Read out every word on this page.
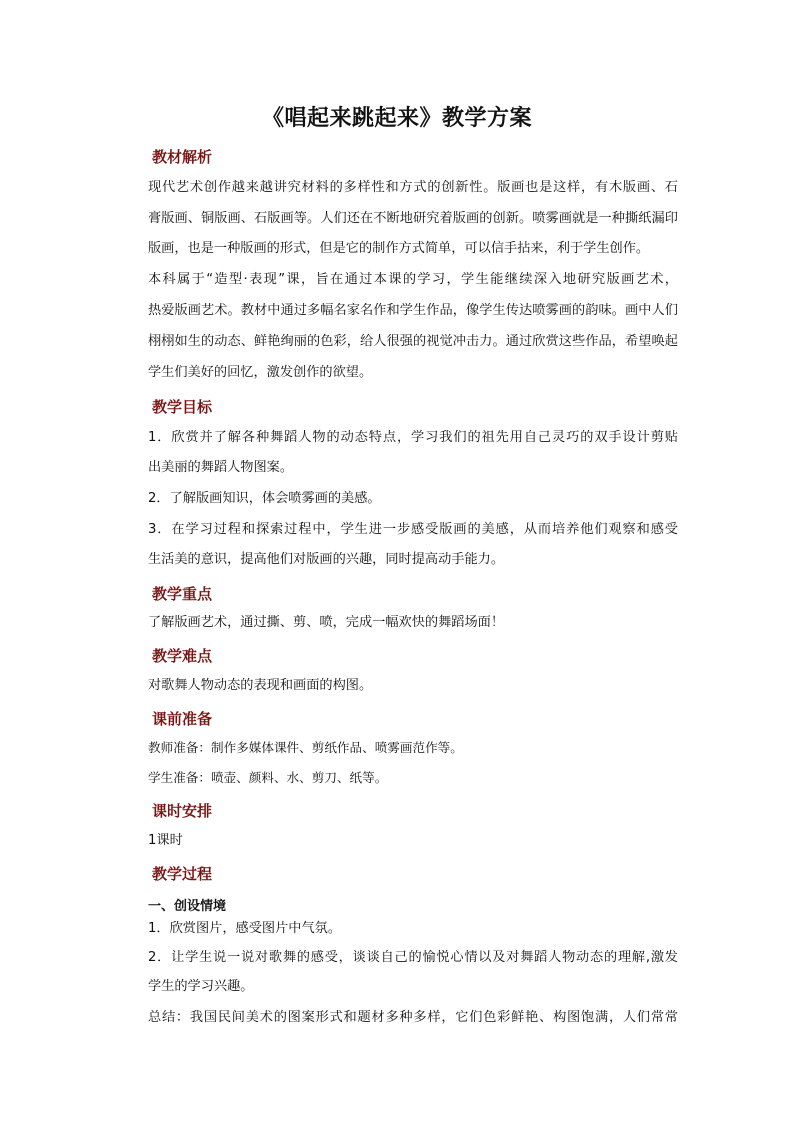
《唱起来跳起来》教学方案
教材解析
现代艺术创作越来越讲究材料的多样性和方式的创新性。版画也是这样，有木版画、石
膏版画、铜版画、石版画等。人们还在不断地研究着版画的创新。喷雾画就是一种撕纸漏印
版画，也是一种版画的形式，但是它的制作方式简单，可以信手拈来，利于学生创作。
本科属于“造型·表现”课，旨在通过本课的学习，学生能继续深入地研究版画艺术，
热爱版画艺术。教材中通过多幅名家名作和学生作品，像学生传达喷雾画的韵味。画中人们
栩栩如生的动态、鲜艳绚丽的色彩，给人很强的视觉冲击力。通过欣赏这些作品，希望唤起
学生们美好的回忆，激发创作的欲望。
教学目标
1．欣赏并了解各种舞蹈人物的动态特点，学习我们的祖先用自己灵巧的双手设计剪贴
出美丽的舞蹈人物图案。
2．了解版画知识，体会喷雾画的美感。
3．在学习过程和探索过程中，学生进一步感受版画的美感，从而培养他们观察和感受
生活美的意识，提高他们对版画的兴趣，同时提高动手能力。
教学重点
了解版画艺术，通过撕、剪、喷，完成一幅欢快的舞蹈场面！
教学难点
对歌舞人物动态的表现和画面的构图。
课前准备
教师准备：制作多媒体课件、剪纸作品、喷雾画范作等。
学生准备：喷壶、颜料、水、剪刀、纸等。
课时安排
1课时
教学过程
一、创设情境
1．欣赏图片，感受图片中气氛。
2．让学生说一说对歌舞的感受，谈谈自己的愉悦心情以及对舞蹈人物动态的理解,激发
学生的学习兴趣。
总结：我国民间美术的图案形式和题材多种多样，它们色彩鲜艳、构图饱满，人们常常
